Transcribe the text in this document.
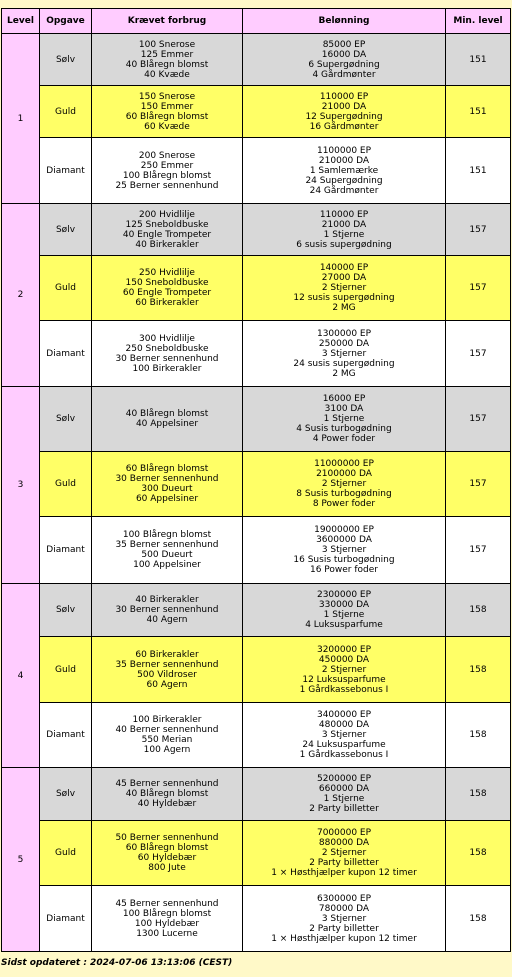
Level	Opgave	Krævet forbrug	Belønning	Min. level
1	Sølv	100 Snerose
125 Emmer
40 Blåregn blomst
40 Kvæde	85000 EP
16000 DA
6 Supergødning
4 Gårdmønter	151
	Guld	150 Snerose
150 Emmer
60 Blåregn blomst
60 Kvæde	110000 EP
21000 DA
12 Supergødning
16 Gårdmønter	151
	Diamant	200 Snerose
250 Emmer
100 Blåregn blomst
25 Berner sennenhund	1100000 EP
210000 DA
1 Samlemærke
24 Supergødning
24 Gårdmønter	151
2	Sølv	200 Hvidlilje
125 Sneboldbuske
40 Engle Trompeter
40 Birkerakler	110000 EP
21000 DA
1 Stjerne
6 susis supergødning	157
	Guld	250 Hvidlilje
150 Sneboldbuske
60 Engle Trompeter
60 Birkerakler	140000 EP
27000 DA
2 Stjerner
12 susis supergødning
2 MG	157
	Diamant	300 Hvidlilje
250 Sneboldbuske
30 Berner sennenhund
100 Birkerakler	1300000 EP
250000 DA
3 Stjerner
24 susis supergødning
2 MG	157
3	Sølv	40 Blåregn blomst
40 Appelsiner	16000 EP
3100 DA
1 Stjerne
4 Susis turbogødning
4 Power foder	157
	Guld	60 Blåregn blomst
30 Berner sennenhund
300 Dueurt
60 Appelsiner	11000000 EP
2100000 DA
2 Stjerner
8 Susis turbogødning
8 Power foder	157
	Diamant	100 Blåregn blomst
35 Berner sennenhund
500 Dueurt
100 Appelsiner	19000000 EP
3600000 DA
3 Stjerner
16 Susis turbogødning
16 Power foder	157
4	Sølv	40 Birkerakler
30 Berner sennenhund
40 Agern	2300000 EP
330000 DA
1 Stjerne
4 Luksusparfume	158
	Guld	60 Birkerakler
35 Berner sennenhund
500 Vildroser
60 Agern	3200000 EP
450000 DA
2 Stjerner
12 Luksusparfume
1 Gårdkassebonus I	158
	Diamant	100 Birkerakler
40 Berner sennenhund
550 Merian
100 Agern	3400000 EP
480000 DA
3 Stjerner
24 Luksusparfume
1 Gårdkassebonus I	158
5	Sølv	45 Berner sennenhund
40 Blåregn blomst
40 Hyldebær	5200000 EP
660000 DA
1 Stjerne
2 Party billetter	158
	Guld	50 Berner sennenhund
60 Blåregn blomst
60 Hyldebær
800 Jute	7000000 EP
880000 DA
2 Stjerner
2 Party billetter
1 × Høsthjælper kupon 12 timer	158
	Diamant	45 Berner sennenhund
100 Blåregn blomst
100 Hyldebær
1300 Lucerne	6300000 EP
780000 DA
3 Stjerner
2 Party billetter
1 × Høsthjælper kupon 12 timer	158
Sidst opdateret : 2024-07-06 13:13:06 (CEST)
